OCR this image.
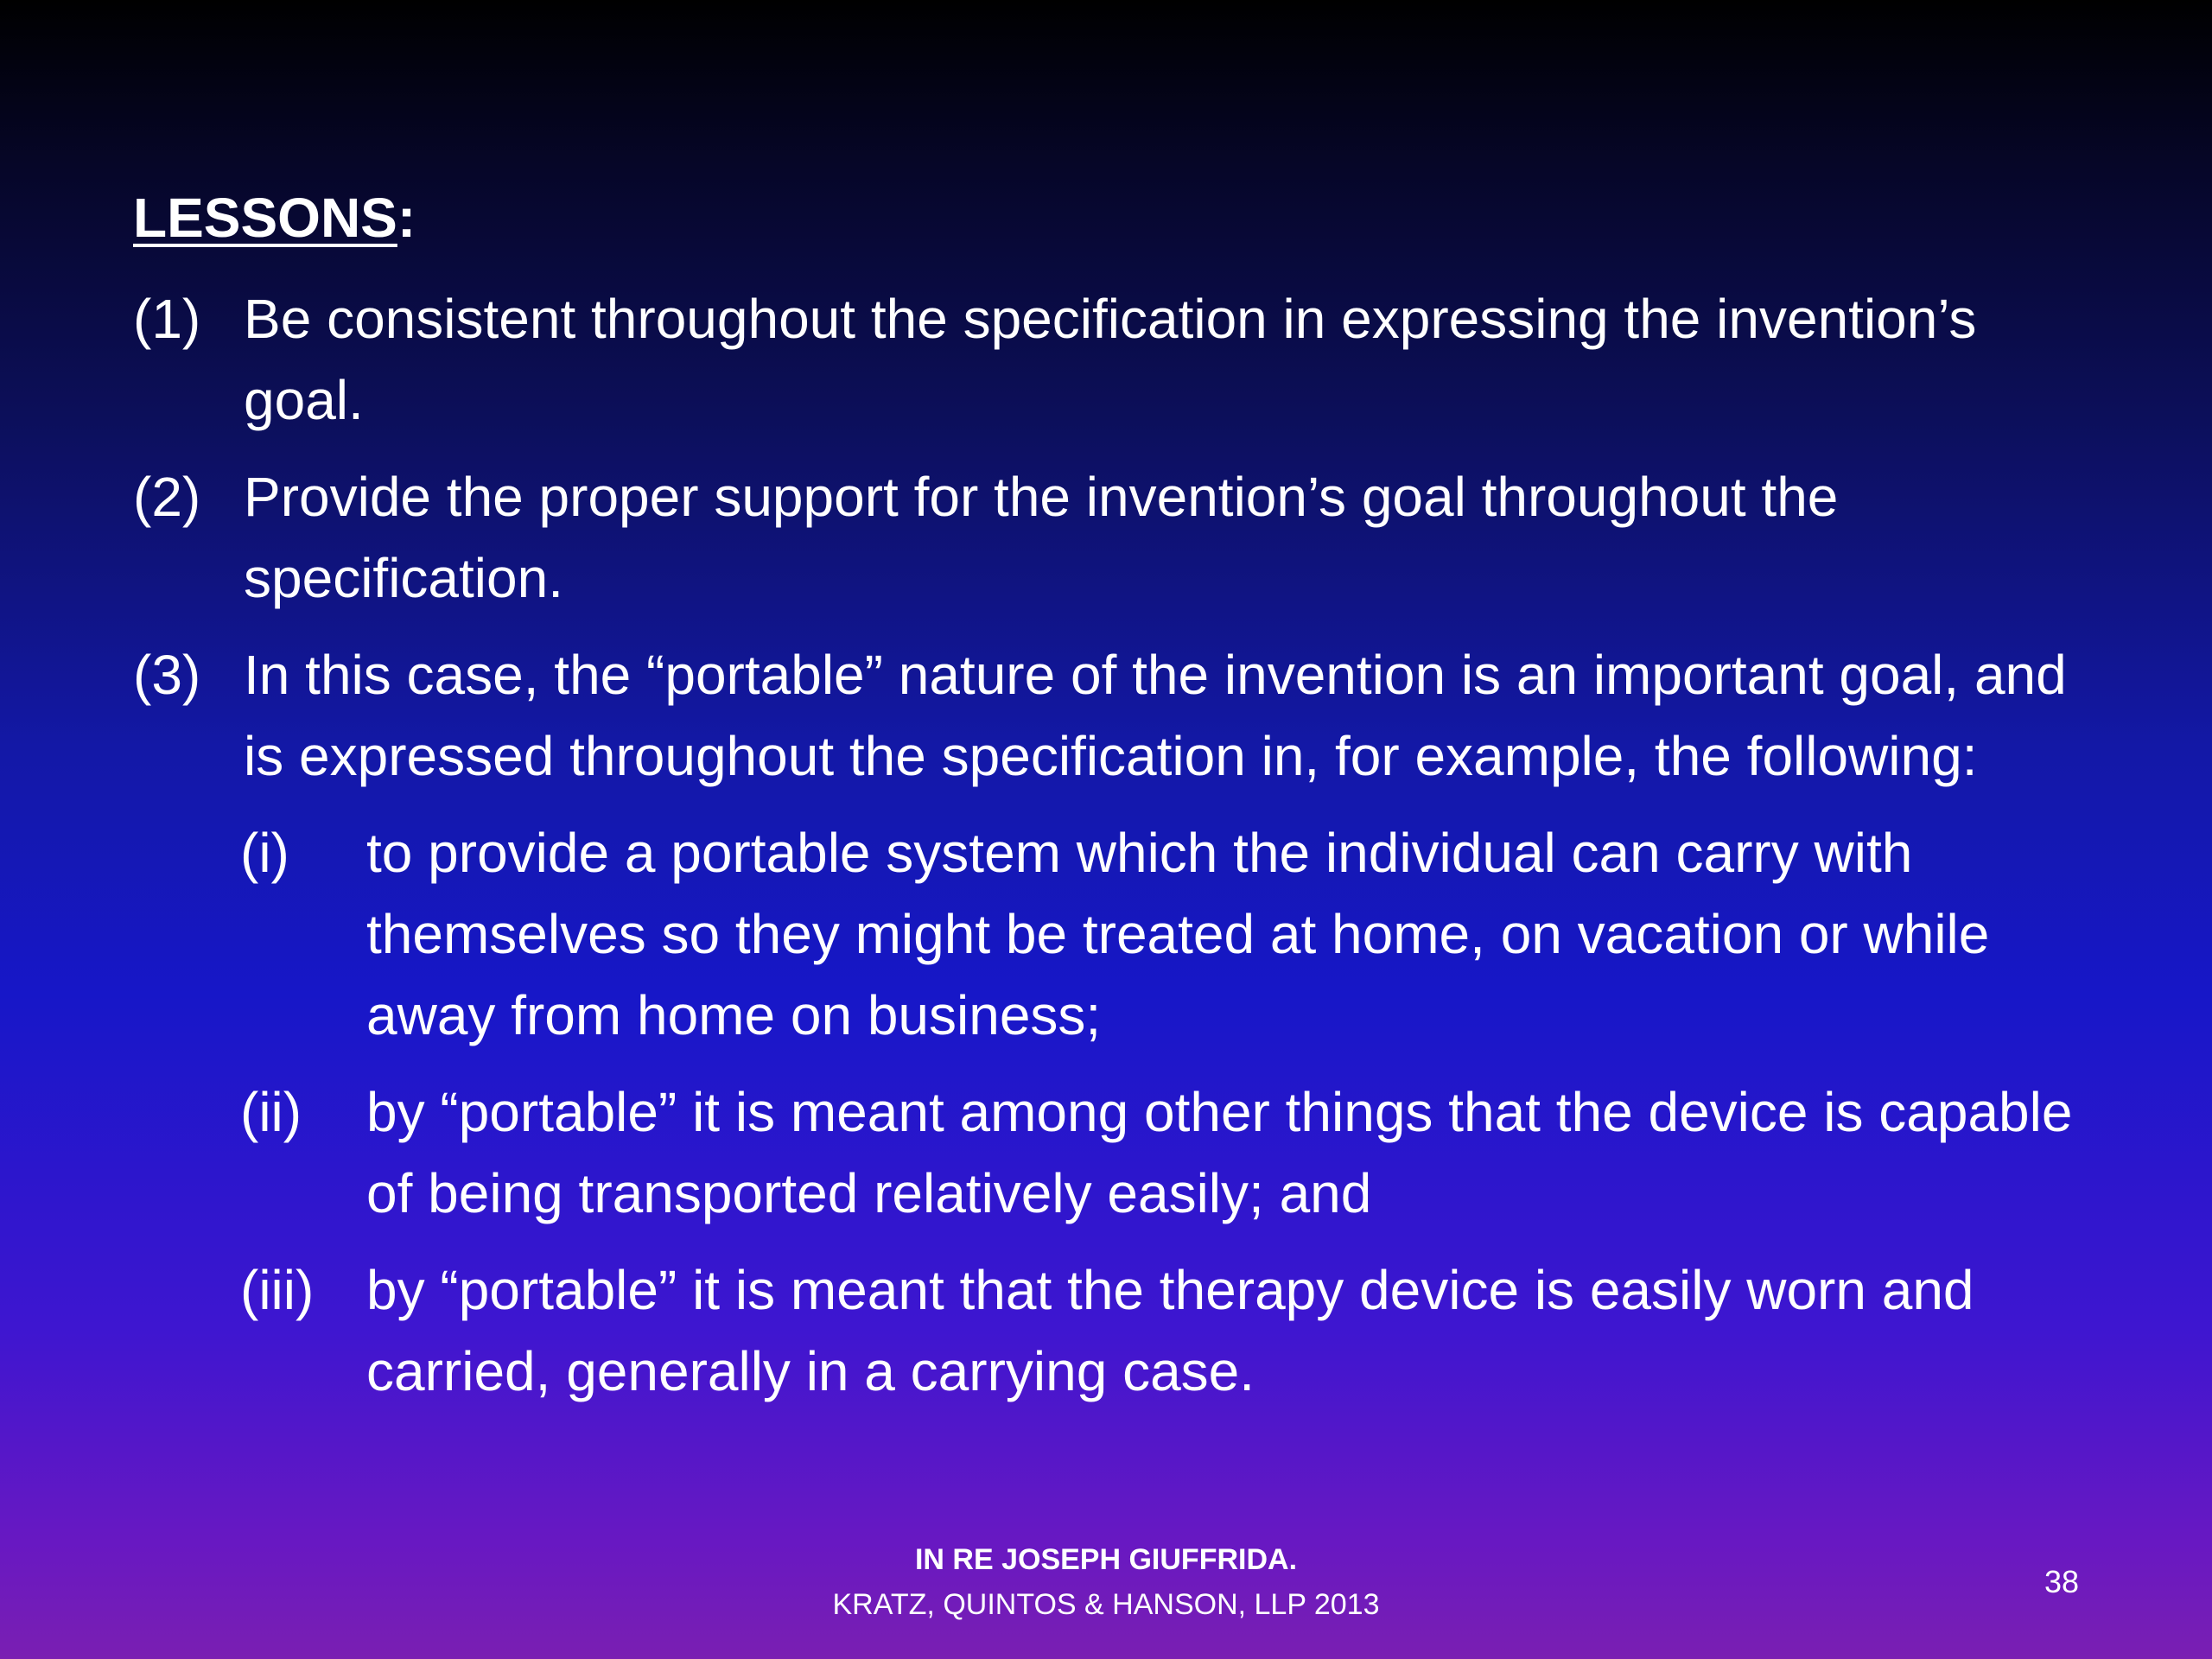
LESSONS:
(1) Be consistent throughout the specification in expressing the invention’s goal.
(2) Provide the proper support for the invention’s goal throughout the specification.
(3) In this case, the “portable” nature of the invention is an important goal, and is expressed throughout the specification in, for example, the following:
(i)	to provide a portable system which the individual can carry with themselves so they might be treated at home, on vacation or while away from home on business;
(ii)	by “portable” it is meant among other things that the device is capable of being transported relatively easily; and
(iii) by “portable” it is meant that the therapy device is easily worn and carried, generally in a carrying case.
IN RE JOSEPH GIUFFRIDA.
KRATZ, QUINTOS & HANSON, LLP 2013
38
